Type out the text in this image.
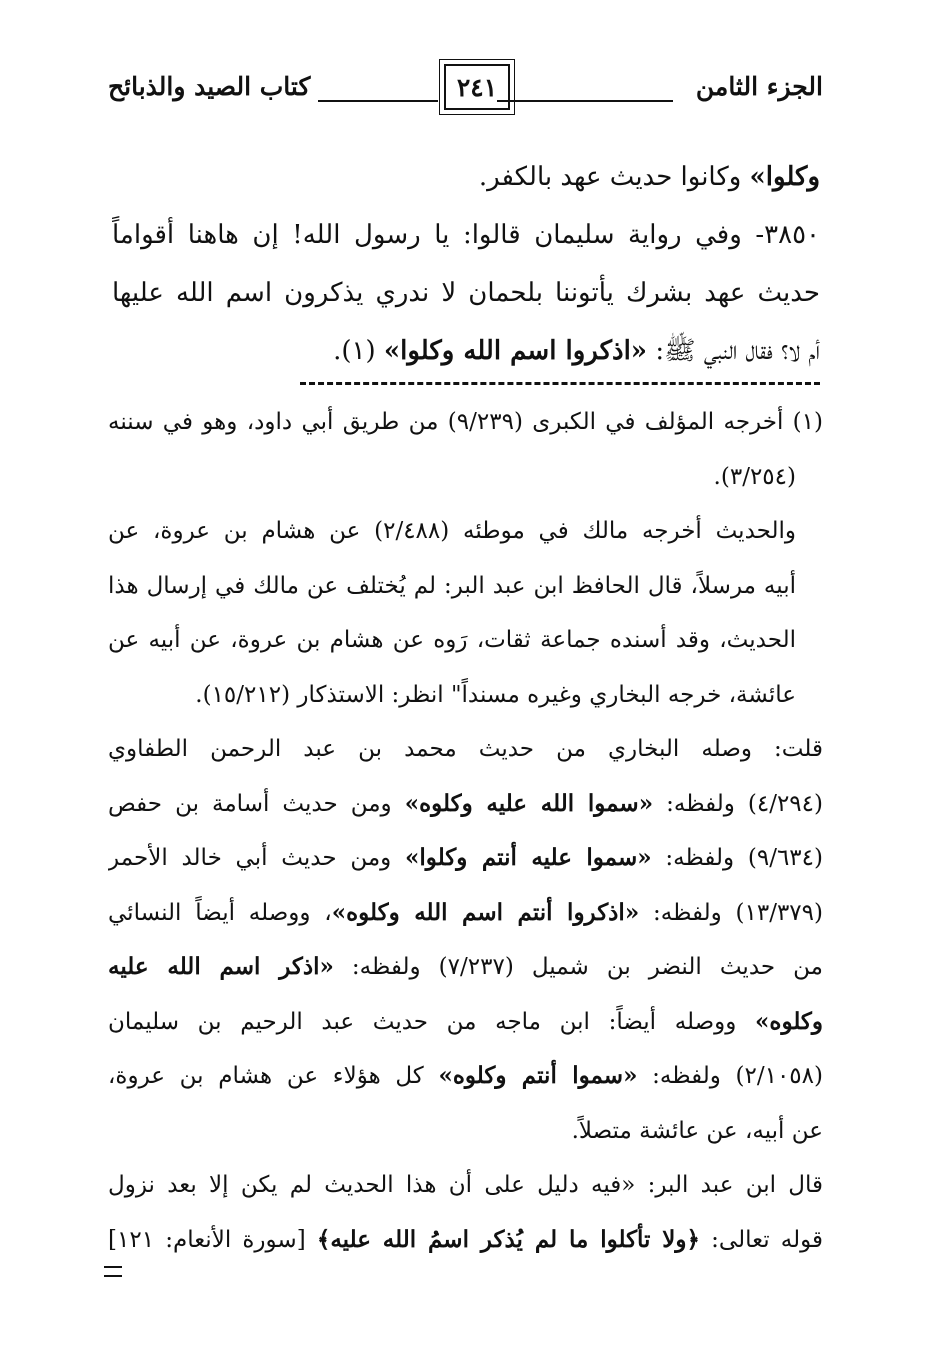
الجزء الثامن
٢٤١
كتاب الصيد والذبائح
وكلوا» وكانوا حديث عهد بالكفر.
٣٨٥٠- وفي رواية سليمان قالوا: يا رسول الله! إن هاهنا أقواماً
حديث عهد بشرك يأتوننا بلحمان لا ندري يذكرون اسم الله عليها
أم لا؟ فقال النبي ﷺ: «اذكروا اسم الله وكلوا» (١).
(١) أخرجه المؤلف في الكبرى (٩/٢٣٩) من طريق أبي داود، وهو في سننه
(٣/٢٥٤).
والحديث أخرجه مالك في موطئه (٢/٤٨٨) عن هشام بن عروة، عن
أبيه مرسلاً، قال الحافظ ابن عبد البر: لم يُختلف عن مالك في إرسال هذا
الحديث، وقد أسنده جماعة ثقات، رَوه عن هشام بن عروة، عن أبيه عن
عائشة، خرجه البخاري وغيره مسنداً" انظر: الاستذكار (١٥/٢١٢).
قلت: وصله البخاري من حديث محمد بن عبد الرحمن الطفاوي
(٤/٢٩٤) ولفظه: «سموا الله عليه وكلوه» ومن حديث أسامة بن حفص
(٩/٦٣٤) ولفظه: «سموا عليه أنتم وكلوا» ومن حديث أبي خالد الأحمر
(١٣/٣٧٩) ولفظه: «اذكروا أنتم اسم الله وكلوه»، ووصله أيضاً النسائي
من حديث النضر بن شميل (٧/٢٣٧) ولفظه: «اذكر اسم الله عليه
وكلوه» ووصله أيضاً: ابن ماجه من حديث عبد الرحيم بن سليمان
(٢/١٠٥٨) ولفظه: «سموا أنتم وكلوه» كل هؤلاء عن هشام بن عروة،
عن أبيه، عن عائشة متصلاً.
قال ابن عبد البر: «فيه دليل على أن هذا الحديث لم يكن إلا بعد نزول
قوله تعالى: ﴿ولا تأكلوا ما لم يُذكر اسمُ الله عليه﴾ [سورة الأنعام: ١٢١]
